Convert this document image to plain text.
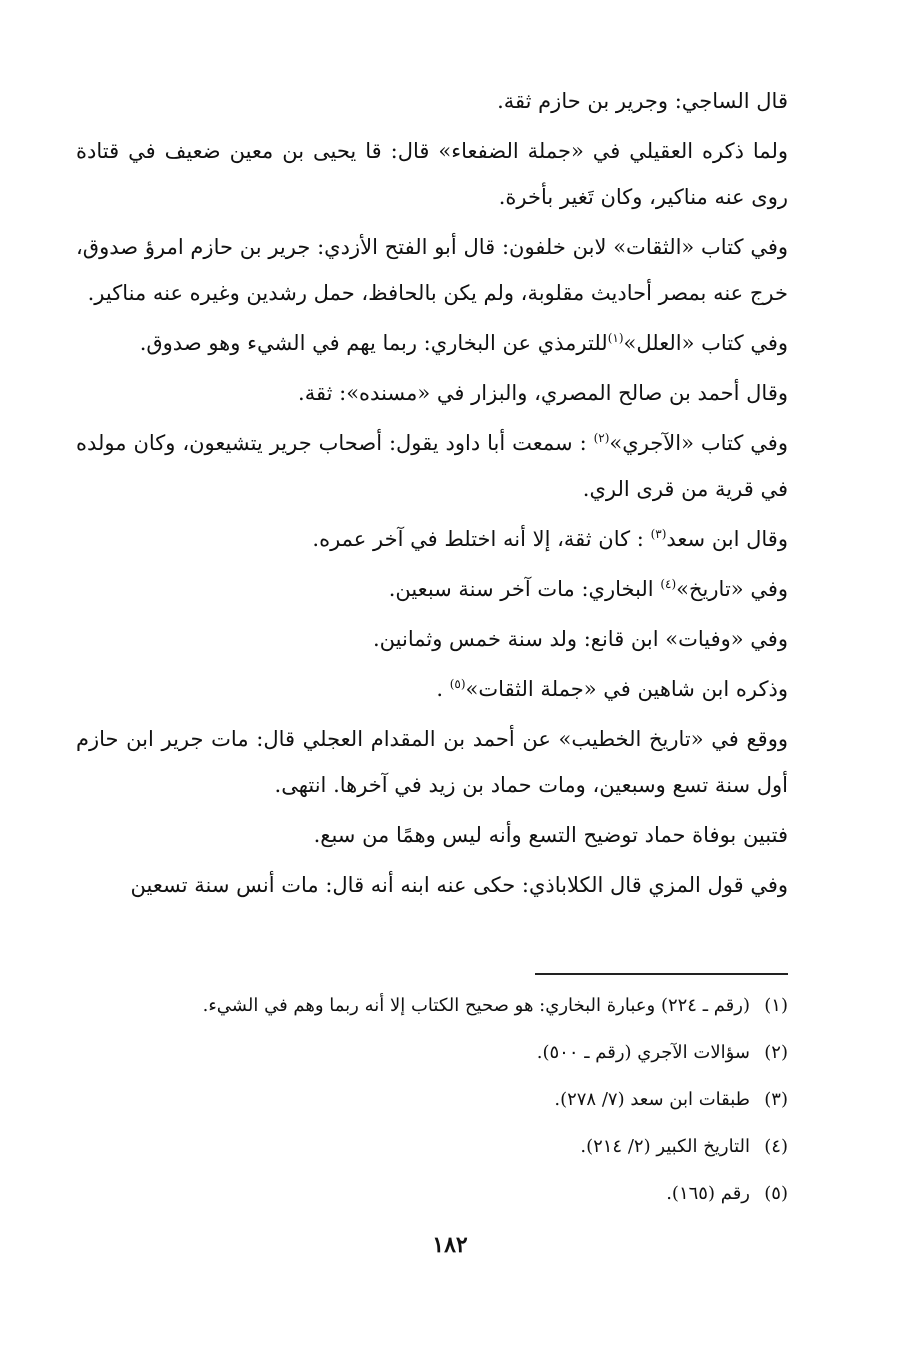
قال الساجي: وجرير بن حازم ثقة.

ولما ذكره العقيلي في «جملة الضفعاء» قال: قا يحيى بن معين ضعيف في قتادة روى عنه مناكير، وكان تَغير بأخرة.

وفي كتاب «الثقات» لابن خلفون: قال أبو الفتح الأزدي: جرير بن حازم امرؤ صدوق، خرج عنه بمصر أحاديث مقلوبة، ولم يكن بالحافظ، حمل رشدين وغيره عنه مناكير.

وفي كتاب «العلل»$^{(١)}$للترمذي عن البخاري: ربما يهم في الشيء وهو صدوق.

وقال أحمد بن صالح المصري، والبزار في «مسنده»: ثقة.

وفي كتاب «الآجري»$^{(٢)}$ : سمعت أبا داود يقول: أصحاب جرير يتشيعون، وكان مولده في قرية من قرى الري.

وقال ابن سعد$^{(٣)}$ : كان ثقة، إلا أنه اختلط في آخر عمره.

وفي «تاريخ»$^{(٤)}$ البخاري: مات آخر سنة سبعين.

وفي «وفيات» ابن قانع: ولد سنة خمس وثمانين.

وذكره ابن شاهين في «جملة الثقات»$^{(٥)}$ .

ووقع في «تاريخ الخطيب» عن أحمد بن المقدام العجلي قال: مات جرير ابن حازم أول سنة تسع وسبعين، ومات حماد بن زيد في آخرها. انتهى.

فتبين بوفاة حماد توضيح التسع وأنه ليس وهمًا من سبع.

وفي قول المزي قال الكلاباذي: حكى عنه ابنه أنه قال: مات أنس سنة تسعين

(١)(رقم ـ ٢٢٤) وعبارة البخاري: هو صحيح الكتاب إلا أنه ربما وهم في الشيء.

(٢)سؤالات الآجري (رقم ـ ٥٠٠).

(٣)طبقات ابن سعد (٧/ ٢٧٨).

(٤)التاريخ الكبير (٢/ ٢١٤).

(٥)رقم (١٦٥).

١٨٢
